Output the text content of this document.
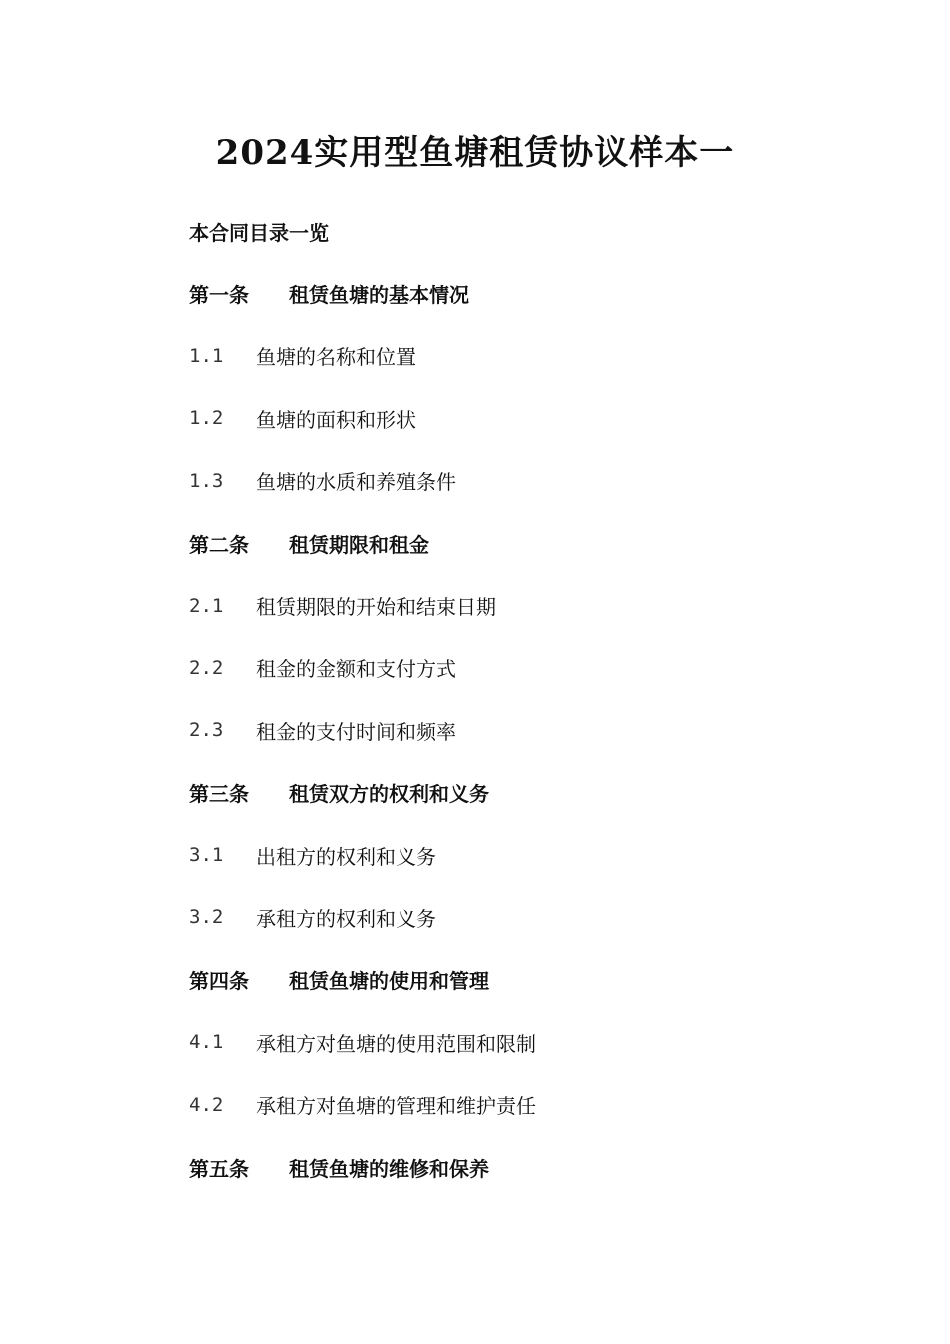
2024实用型鱼塘租赁协议样本一
本合同目录一览
第一条	租赁鱼塘的基本情况
1.1	鱼塘的名称和位置
1.2	鱼塘的面积和形状
1.3	鱼塘的水质和养殖条件
第二条	租赁期限和租金
2.1	租赁期限的开始和结束日期
2.2	租金的金额和支付方式
2.3	租金的支付时间和频率
第三条	租赁双方的权利和义务
3.1	出租方的权利和义务
3.2	承租方的权利和义务
第四条	租赁鱼塘的使用和管理
4.1	承租方对鱼塘的使用范围和限制
4.2	承租方对鱼塘的管理和维护责任
第五条	租赁鱼塘的维修和保养
